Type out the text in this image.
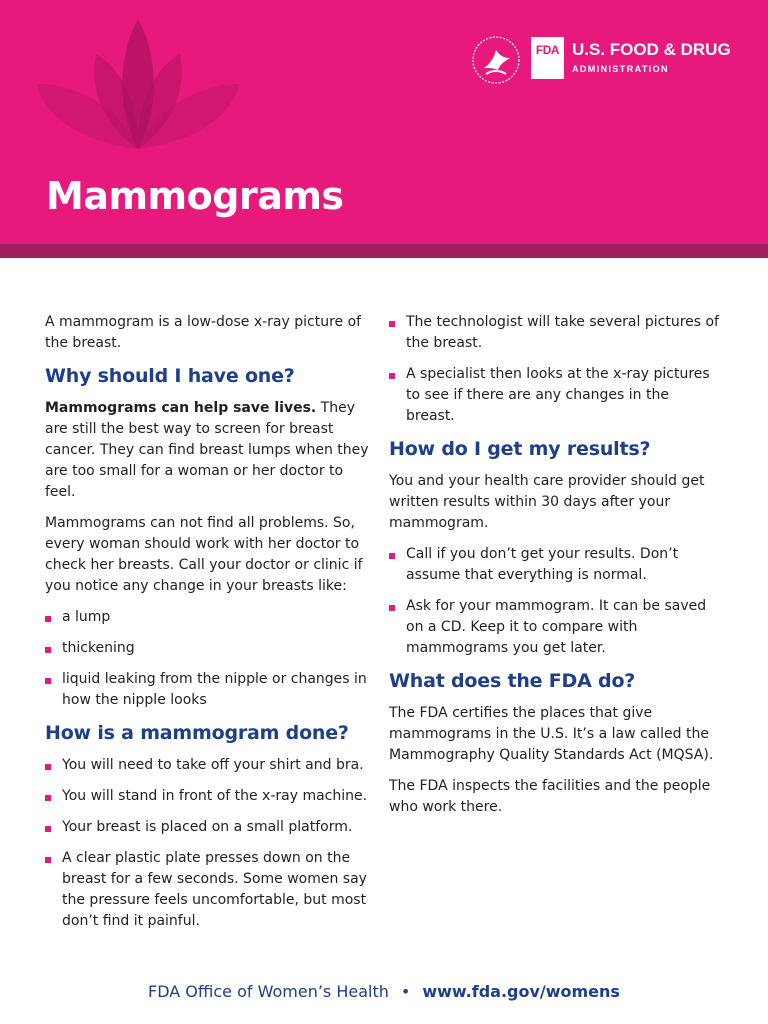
Mammograms
FDA U.S. FOOD & DRUG
ADMINISTRATION

A mammogram is a low-dose x-ray picture of the breast.

Why should I have one?

Mammograms can help save lives. They are still the best way to screen for breast cancer. They can find breast lumps when they are too small for a woman or her doctor to feel.

Mammograms can not find all problems. So, every woman should work with her doctor to check her breasts. Call your doctor or clinic if you notice any change in your breasts like:

a lump
thickening
liquid leaking from the nipple or changes in how the nipple looks
How is a mammogram done?
You will need to take off your shirt and bra.
You will stand in front of the x-ray machine.
Your breast is placed on a small platform.
A clear plastic plate presses down on the breast for a few seconds. Some women say the pressure feels uncomfortable, but most don’t find it painful.
The technologist will take several pictures of the breast.
A specialist then looks at the x-ray pictures to see if there are any changes in the breast.
How do I get my results?

You and your health care provider should get written results within 30 days after your mammogram.

Call if you don’t get your results. Don’t assume that everything is normal.
Ask for your mammogram. It can be saved on a CD. Keep it to compare with mammograms you get later.
What does the FDA do?

The FDA certifies the places that give mammograms in the U.S. It’s a law called the Mammography Quality Standards Act (MQSA).

The FDA inspects the facilities and the people who work there.

FDA Office of Women’s Health • www.fda.gov/womens
